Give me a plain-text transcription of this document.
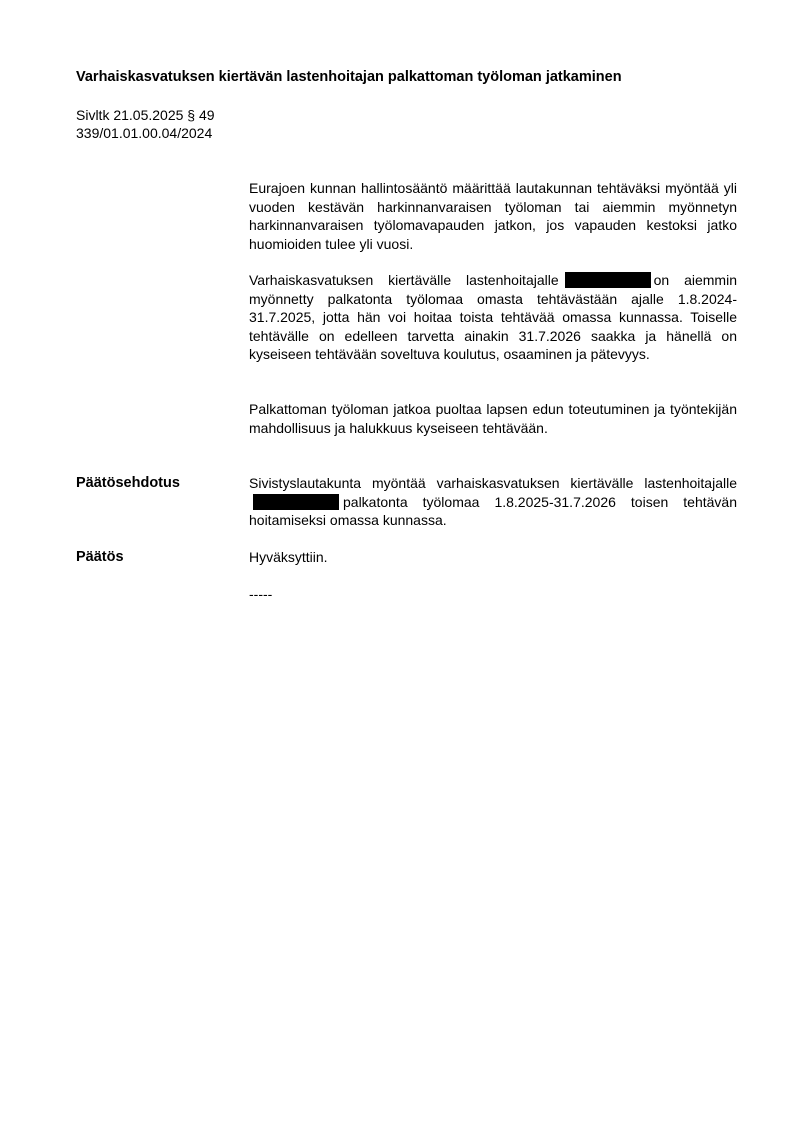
Varhaiskasvatuksen kiertävän lastenhoitajan palkattoman työloman jatkaminen
Sivltk 21.05.2025 § 49
339/01.01.00.04/2024
Eurajoen kunnan hallintosääntö määrittää lautakunnan tehtäväksi myöntää yli vuoden kestävän harkinnanvaraisen työloman tai aiemmin myönnetyn harkinnanvaraisen työlomavapauden jatkon, jos vapauden kestoksi jatko huomioiden tulee yli vuosi.
Varhaiskasvatuksen kiertävälle lastenhoitajalle	on aiemmin myönnetty palkatonta työlomaa omasta tehtävästään ajalle 1.8.2024-31.7.2025, jotta hän voi hoitaa toista tehtävää omassa kunnassa. Toiselle tehtävälle on edelleen tarvetta ainakin 31.7.2026 saakka ja hänellä on kyseiseen tehtävään soveltuva koulutus, osaaminen ja pätevyys.
Palkattoman työloman jatkoa puoltaa lapsen edun toteutuminen ja työntekijän mahdollisuus ja halukkuus kyseiseen tehtävään.
Päätösehdotus	Sivistyslautakunta myöntää varhaiskasvatuksen kiertävälle lastenhoitajallepalkatonta työlomaa 1.8.2025-31.7.2026 toisen tehtävän hoitamiseksi omassa kunnassa.
Päätös	Hyväksyttiin.
-----
